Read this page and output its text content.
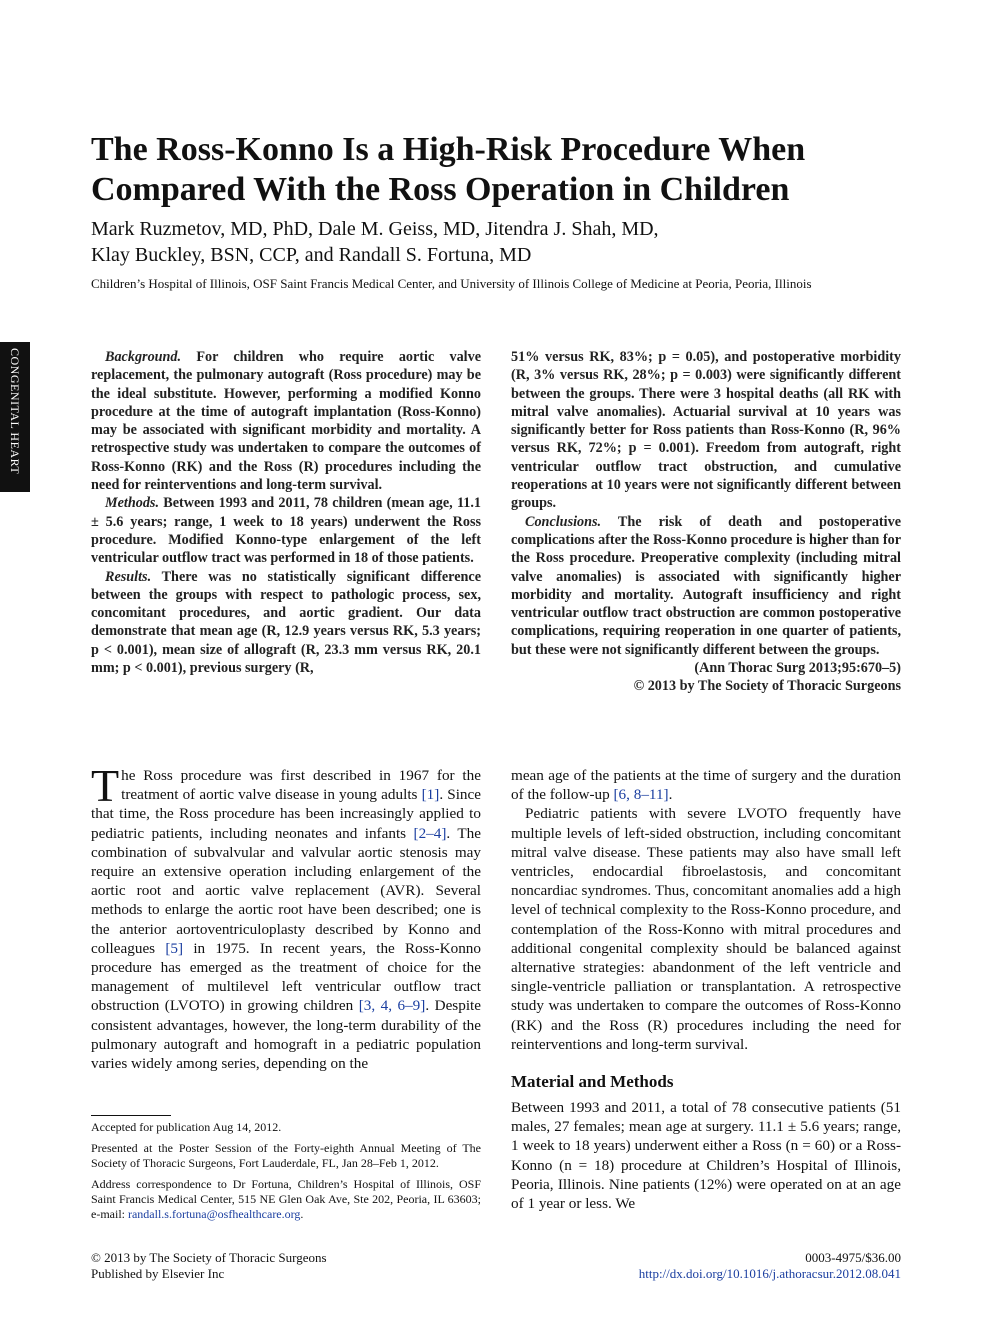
The Ross-Konno Is a High-Risk Procedure When Compared With the Ross Operation in Children
Mark Ruzmetov, MD, PhD, Dale M. Geiss, MD, Jitendra J. Shah, MD,
Klay Buckley, BSN, CCP, and Randall S. Fortuna, MD
Children’s Hospital of Illinois, OSF Saint Francis Medical Center, and University of Illinois College of Medicine at Peoria, Peoria, Illinois
CONGENITAL HEART	Background. For children who require aortic valve replacement, the pulmonary autograft (Ross procedure) may be the ideal substitute. However, performing a modified Konno procedure at the time of autograft implantation (Ross-Konno) may be associated with significant morbidity and mortality. A retrospective study was undertaken to compare the outcomes of Ross-Konno (RK) and the Ross (R) procedures including the need for reinterventions and long-term survival.

Methods. Between 1993 and 2011, 78 children (mean age, 11.1 ± 5.6 years; range, 1 week to 18 years) underwent the Ross procedure. Modified Konno-type enlargement of the left ventricular outflow tract was performed in 18 of those patients.

Results. There was no statistically significant difference between the groups with respect to pathologic process, sex, concomitant procedures, and aortic gradient. Our data demonstrate that mean age (R, 12.9 years versus RK, 5.3 years; p < 0.001), mean size of allograft (R, 23.3 mm versus RK, 20.1 mm; p < 0.001), previous surgery (R,

51% versus RK, 83%; p = 0.05), and postoperative morbidity (R, 3% versus RK, 28%; p = 0.003) were significantly different between the groups. There were 3 hospital deaths (all RK with mitral valve anomalies). Actuarial survival at 10 years was significantly better for Ross patients than Ross-Konno (R, 96% versus RK, 72%; p = 0.001). Freedom from autograft, right ventricular outflow tract obstruction, and cumulative reoperations at 10 years were not significantly different between groups.

Conclusions. The risk of death and postoperative complications after the Ross-Konno procedure is higher than for the Ross procedure. Preoperative complexity (including mitral valve anomalies) is associated with significantly higher morbidity and mortality. Autograft insufficiency and right ventricular outflow tract obstruction are common postoperative complications, requiring reoperation in one quarter of patients, but these were not significantly different between the groups.

(Ann Thorac Surg 2013;95:670–5)
© 2013 by The Society of Thoracic Surgeons

The Ross procedure was first described in 1967 for the treatment of aortic valve disease in young adults [1]. Since that time, the Ross procedure has been increasingly applied to pediatric patients, including neonates and infants [2–4]. The combination of subvalvular and valvular aortic stenosis may require an extensive operation including enlargement of the aortic root and aortic valve replacement (AVR). Several methods to enlarge the aortic root have been described; one is the anterior aortoventriculoplasty described by Konno and colleagues [5] in 1975. In recent years, the Ross-Konno procedure has emerged as the treatment of choice for the management of multilevel left ventricular outflow tract obstruction (LVOTO) in growing children [3, 4, 6–9]. Despite consistent advantages, however, the long-term durability of the pulmonary autograft and homograft in a pediatric population varies widely among series, depending on the

mean age of the patients at the time of surgery and the duration of the follow-up [6, 8–11].

Pediatric patients with severe LVOTO frequently have multiple levels of left-sided obstruction, including concomitant mitral valve disease. These patients may also have small left ventricles, endocardial fibroelastosis, and concomitant noncardiac syndromes. Thus, concomitant anomalies add a high level of technical complexity to the Ross-Konno procedure, and contemplation of the Ross-Konno with mitral procedures and additional congenital complexity should be balanced against alternative strategies: abandonment of the left ventricle and single-ventricle palliation or transplantation. A retrospective study was undertaken to compare the outcomes of Ross-Konno (RK) and the Ross (R) procedures including the need for reinterventions and long-term survival.

Material and Methods

Between 1993 and 2011, a total of 78 consecutive patients (51 males, 27 females; mean age at surgery. 11.1 ± 5.6 years; range, 1 week to 18 years) underwent either a Ross (n = 60) or a Ross-Konno (n = 18) procedure at Children’s Hospital of Illinois, Peoria, Illinois. Nine patients (12%) were operated on at an age of 1 year or less. We

Accepted for publication Aug 14, 2012.

Presented at the Poster Session of the Forty-eighth Annual Meeting of The Society of Thoracic Surgeons, Fort Lauderdale, FL, Jan 28–Feb 1, 2012.

Address correspondence to Dr Fortuna, Children’s Hospital of Illinois, OSF Saint Francis Medical Center, 515 NE Glen Oak Ave, Ste 202, Peoria, IL 63603; e-mail: randall.s.fortuna@osfhealthcare.org.

© 2013 by The Society of Thoracic Surgeons
Published by Elsevier Inc
0003-4975/$36.00
http://dx.doi.org/10.1016/j.athoracsur.2012.08.041
